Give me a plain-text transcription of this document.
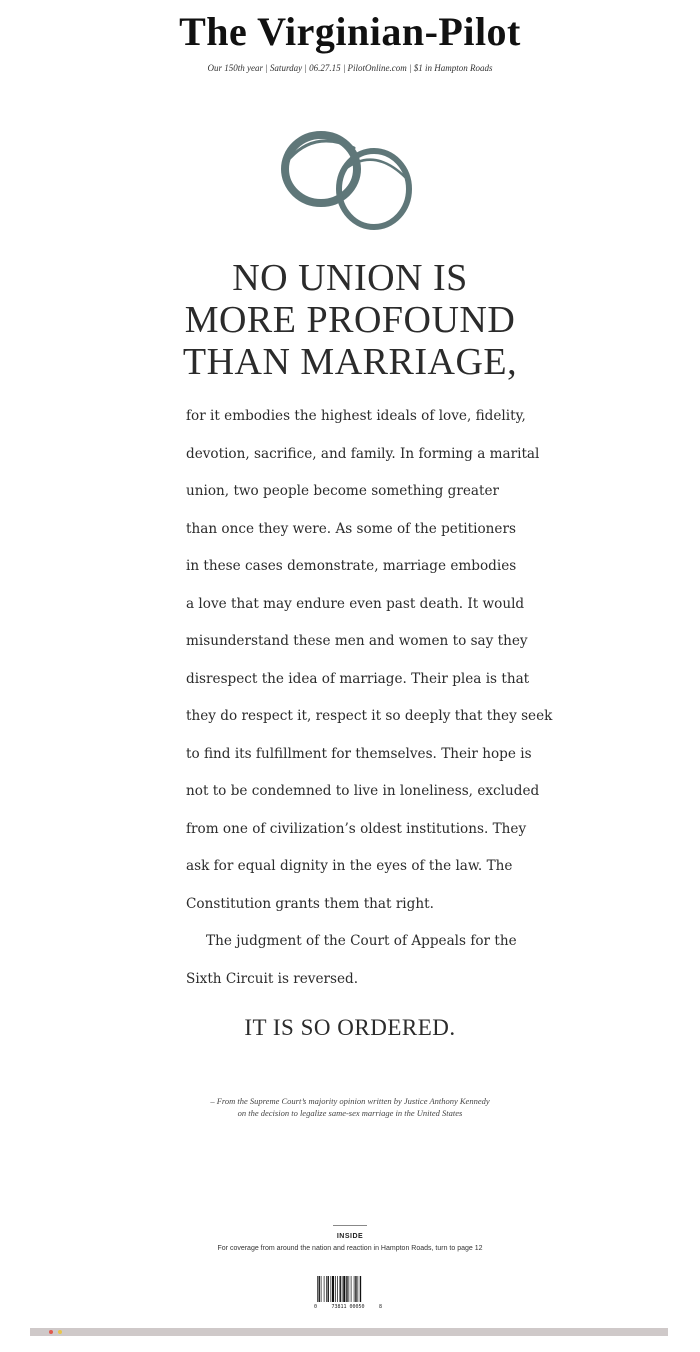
The Virginian-Pilot
Our 150th year | Saturday | 06.27.15 | PilotOnline.com | $1 in Hampton Roads
NO UNION IS
MORE PROFOUND
THAN MARRIAGE,
for it embodies the highest ideals of love, fidelity,
devotion, sacrifice, and family. In forming a marital
union, two people become something greater
than once they were. As some of the petitioners
in these cases demonstrate, marriage embodies
a love that may endure even past death. It would
misunderstand these men and women to say they
disrespect the idea of marriage. Their plea is that
they do respect it, respect it so deeply that they seek
to find its fulfillment for themselves. Their hope is
not to be condemned to live in loneliness, excluded
from one of civilization’s oldest institutions. They
ask for equal dignity in the eyes of the law. The
Constitution grants them that right.
The judgment of the Court of Appeals for the
Sixth Circuit is reversed.
IT IS SO ORDERED.
– From the Supreme Court’s majority opinion written by Justice Anthony Kennedy
on the decision to legalize same-sex marriage in the United States
INSIDE
For coverage from around the nation and reaction in Hampton Roads, turn to page 12
0	73811 00050	8
